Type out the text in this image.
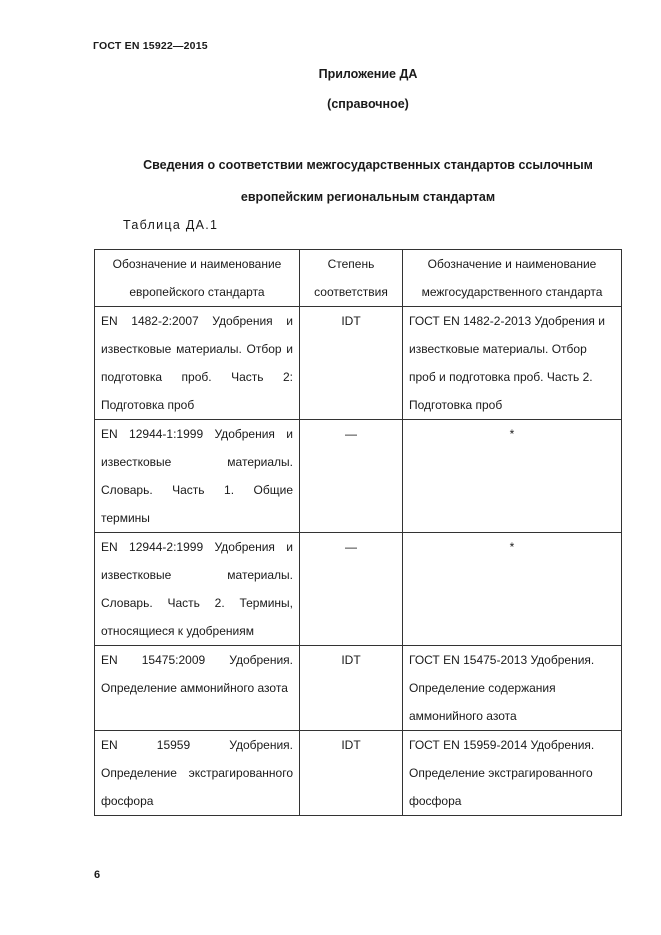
ГОСТ EN 15922—2015
Приложение ДА
(справочное)
Сведения о соответствии межгосударственных стандартов ссылочным
европейским региональным стандартам
Таблица ДА.1
Обозначение и наименование европейского стандарта	Степень соответствия	Обозначение и наименование межгосударственного стандарта
EN 1482-2:2007 Удобрения и известковые материалы. Отбор и подготовка проб. Часть 2: Подготовка проб	IDT	ГОСТ EN 1482-2-2013 Удобрения и известковые материалы. Отбор проб и подготовка проб. Часть 2. Подготовка проб
EN 12944-1:1999 Удобрения и известковые материалы. Словарь. Часть 1. Общие термины	—	*
EN 12944-2:1999 Удобрения и известковые материалы. Словарь. Часть 2. Термины, относящиеся к удобрениям	—	*
EN 15475:2009 Удобрения. Определение аммонийного азота	IDT	ГОСТ EN 15475-2013 Удобрения. Определение содержания аммонийного азота
EN 15959 Удобрения. Определение экстрагированного фосфора	IDT	ГОСТ EN 15959-2014 Удобрения. Определение экстрагированного фосфора
6
